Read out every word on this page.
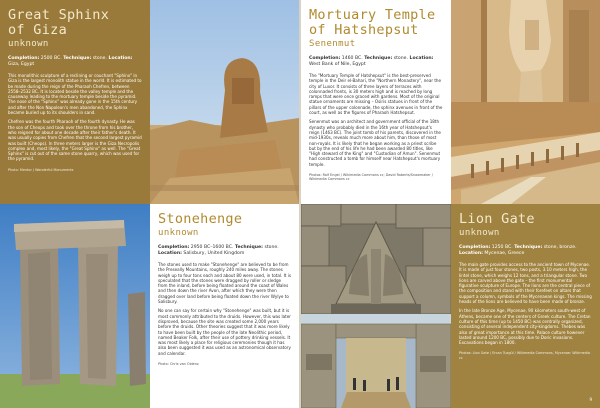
Great Sphinx
of Giza
unknown

Completion: 2500 BC. Technique: stone. Location: Giza, Egypt

This monolithic sculpture of a reclining or couchant "Sphinx" in Giza is the largest monolith statue in the world. It is estimated to be made during the reign of the Pharaoh Chefren, between 2558–2532 BC. It is located beside the valley temple and the causeway leading to the mortuary temple beside the pyramid. The nose of the "Sphinx" was already gone in the 15th century and after the Non Napoleon's men abandoned, the Sphinx became buried up to its shoulders in sand.

Chefren was the fourth Pharaoh of the fourth dynasty. He was the son of Cheops and took over the throne from his brother, who reigned for about one decade after their father's death. It was usually copies from Chefren that the second largest pyramid was built (Cheops). In three meters larger is the Giza Necropolis complex and, most likely, the "Great Sphinx" as well. The "Great Sphinx" is cut out of the same stone quarry, which was used for the pyramid.

Photo: Mentor / Wonderful Monuments

Stonehenge
unknown

Completion: 2950 BC–1600 BC. Technique: stone. Location: Salisbury, United Kingdom

The stones used to make "Stonehenge" are believed to be from the Preseally Mountains, roughly 240 miles away. The stones weigh up to four tons each and about 80 were used, in total. It is speculated that the stones were dragged by roller or sledge from the inland, before being floated around the coast of Wales and then down the river Avon, after which they were then dragged over land before being floated down the river Wylye to Salisbury.

No one can say for certain why "Stonehenge" was built, but it is most commonly attributed to the druids. However, this was later disproved, because the site was created some 2,000 years before the druids. Other theories suggest that it was more likely to have been built by the people of the late Neolithic period, named Beaker Folk, after their use of pottery drinking vessels. It was most likely a place for religious ceremonies though it has also been suggested it was used as an astronomical observatory and calendar.

Photo: Chris van Oldenz

Mortuary Temple
of Hatshepsut
Senenmut

Completion: 1460 BC. Technique: stone. Location: West Bank of Nile, Egypt

The "Mortuary Temple of Hatshepsut" is the best-preserved temple in the Deir el-Bahari, the "Northern Monastery", near the city of Luxor. It consists of three layers of terraces with colonnaded fronts, is 30 meters high and is reached by long ramps that were once graced with gardens. Most of the original statue ornaments are missing – Osiris statues in front of the pillars of the upper colonnade, the sphinx avenues in front of the court, as well as the figures of Pharaoh Hatshepsut.

Senenmut was an architect and government official of the 18th dynasty who probably died in the 16th year of Hatshepsut's reign (1463 BC). The joint tomb of his parents, discovered in the mid-1930s, reveals much more about him, than those of most non-royals. It is likely that he began working as a priest scribe but by the end of his life he had been awarded 80 titles, like "High steward of the King" and "Custodian of Amun". Senenmut had constructed a tomb for himself near Hatshepsut's mortuary temple.

Photos: Rolf Engel / Wikimedia Commons cc; David Roberts/Snowmaker / Wikimedia Commons cc

Lion Gate
unknown

Completion: 1250 BC. Technique: stone, bronze. Location: Mycenae, Greece

The main gate provides access to the ancient town of Mycenae. It is made of just four stones, two posts, 3.10 meters high, the lintel stone, which weighs 12 tons, and a triangular stone. Two lions are carved above the gate – the first monumental figurative sculpture of Europe. The lions are the central piece of the composition and stand with their forefeet on altars that support a column, symbols of the Mycenaean kings. The missing heads of the lions are believed to have been made of bronze.

In the late Bronze Age, Mycenae, 90 kilometers south-west of Athens, became one of the centers of Greek culture. The Cretan culture of this time (up to 1450 BC) was centrally organized, consisting of several independent city-kingdoms. Thebes was also of great importance at this time. Palace culture however lasted around 1200 BC, possibly due to Doric invasions. Excavations began in 1800.

Photos: Lion Gate / Ercan Tuzgül / Wikimedia Commons, Mycenae: Wikimedia cc

9
